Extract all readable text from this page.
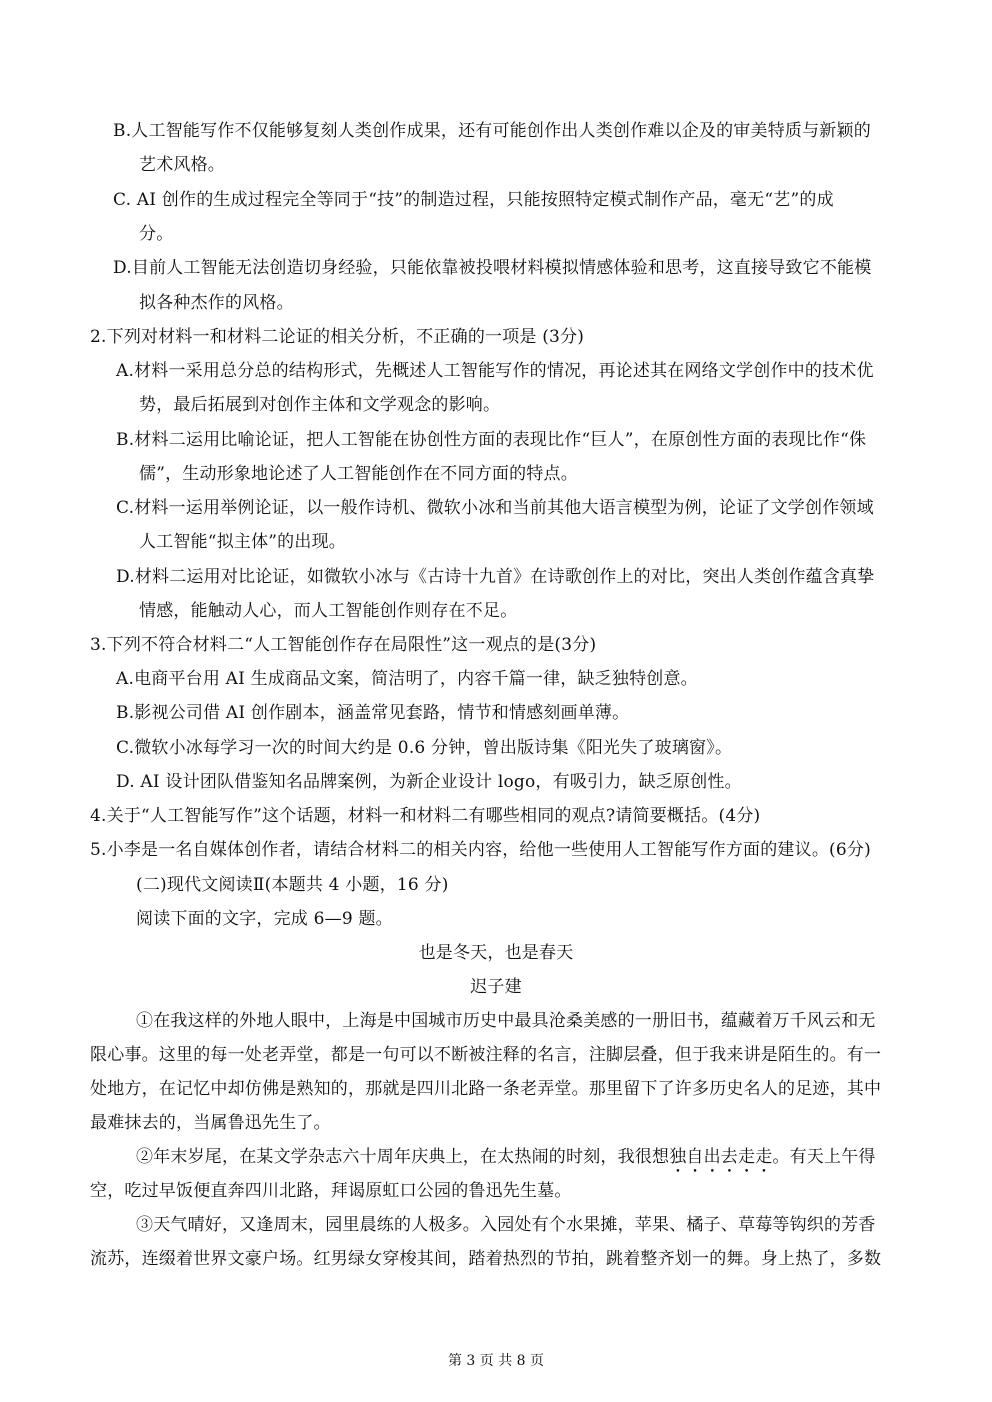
B.人工智能写作不仅能够复刻人类创作成果，还有可能创作出人类创作难以企及的审美特质与新颖的
艺术风格。
C. AI 创作的生成过程完全等同于“技”的制造过程，只能按照特定模式制作产品，毫无“艺”的成
分。
D.目前人工智能无法创造切身经验，只能依靠被投喂材料模拟情感体验和思考，这直接导致它不能模
拟各种杰作的风格。
2.下列对材料一和材料二论证的相关分析，不正确的一项是 (3分)
A.材料一采用总分总的结构形式，先概述人工智能写作的情况，再论述其在网络文学创作中的技术优
势，最后拓展到对创作主体和文学观念的影响。
B.材料二运用比喻论证，把人工智能在协创性方面的表现比作“巨人”，在原创性方面的表现比作“侏
儒”，生动形象地论述了人工智能创作在不同方面的特点。
C.材料一运用举例论证，以一般作诗机、微软小冰和当前其他大语言模型为例，论证了文学创作领域
人工智能“拟主体”的出现。
D.材料二运用对比论证，如微软小冰与《古诗十九首》在诗歌创作上的对比，突出人类创作蕴含真挚
情感，能触动人心，而人工智能创作则存在不足。
3.下列不符合材料二“人工智能创作存在局限性”这一观点的是(3分)
A.电商平台用 AI 生成商品文案，简洁明了，内容千篇一律，缺乏独特创意。
B.影视公司借 AI 创作剧本，涵盖常见套路，情节和情感刻画单薄。
C.微软小冰每学习一次的时间大约是 0.6 分钟，曾出版诗集《阳光失了玻璃窗》。
D. AI 设计团队借鉴知名品牌案例，为新企业设计 logo，有吸引力，缺乏原创性。
4.关于“人工智能写作”这个话题，材料一和材料二有哪些相同的观点?请简要概括。(4分)
5.小李是一名自媒体创作者，请结合材料二的相关内容，给他一些使用人工智能写作方面的建议。(6分)
(二)现代文阅读Ⅱ(本题共 4 小题，16 分)
阅读下面的文字，完成 6—9 题。
也是冬天，也是春天
迟子建
①在我这样的外地人眼中，上海是中国城市历史中最具沧桑美感的一册旧书，蕴藏着万千风云和无
限心事。这里的每一处老弄堂，都是一句可以不断被注释的名言，注脚层叠，但于我来讲是陌生的。有一
处地方，在记忆中却仿佛是熟知的，那就是四川北路一条老弄堂。那里留下了许多历史名人的足迹，其中
最难抹去的，当属鲁迅先生了。
②年末岁尾，在某文学杂志六十周年庆典上，在太热闹的时刻，我很想独自出去走走。有天上午得
空，吃过早饭便直奔四川北路，拜谒原虹口公园的鲁迅先生墓。
③天气晴好，又逢周末，园里晨练的人极多。入园处有个水果摊，苹果、橘子、草莓等钩织的芳香
流苏，连缀着世界文豪户场。红男绿女穿梭其间，踏着热烈的节拍，跳着整齐划一的舞。身上热了，多数
第 3 页 共 8 页
